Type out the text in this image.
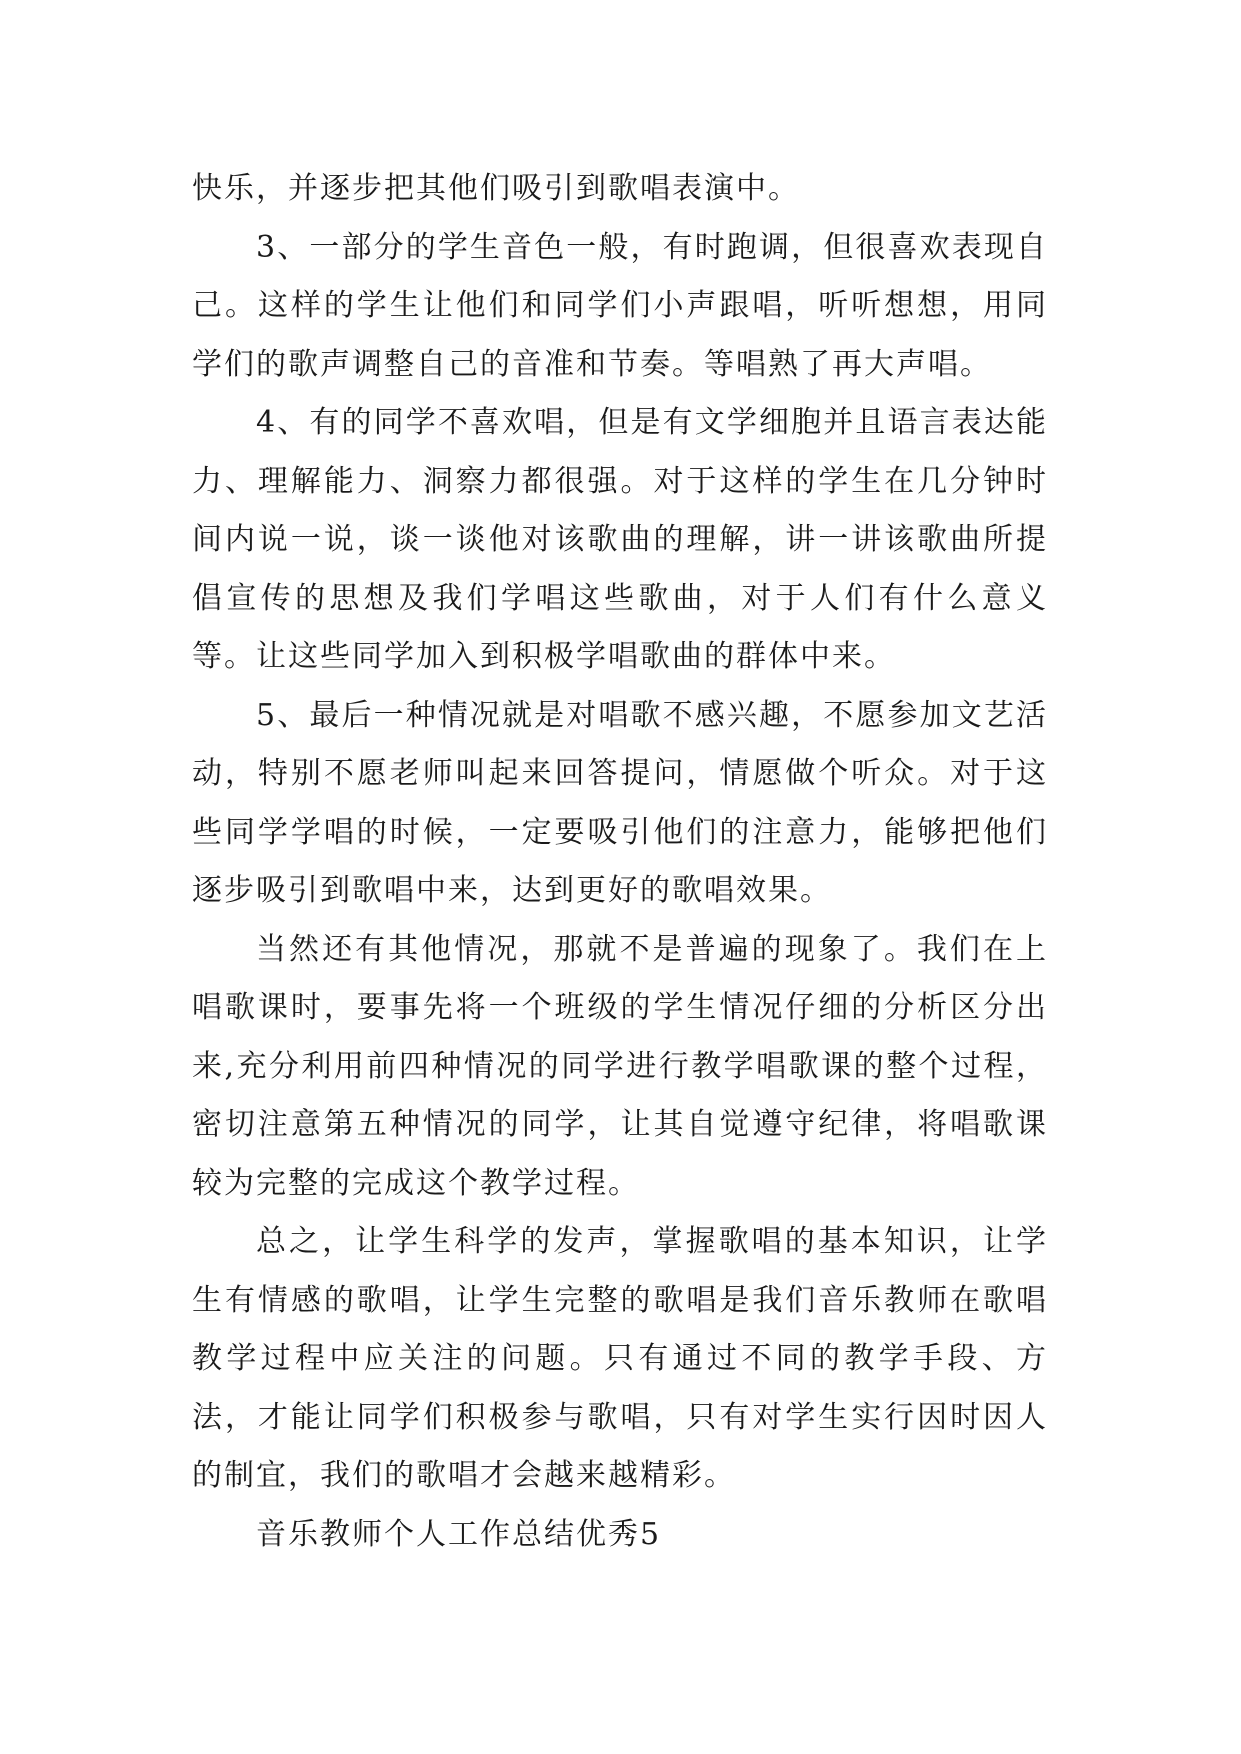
快乐，并逐步把其他们吸引到歌唱表演中。

3、一部分的学生音色一般，有时跑调，但很喜欢表现自己。这样的学生让他们和同学们小声跟唱，听听想想，用同学们的歌声调整自己的音准和节奏。等唱熟了再大声唱。

4、有的同学不喜欢唱，但是有文学细胞并且语言表达能力、理解能力、洞察力都很强。对于这样的学生在几分钟时间内说一说，谈一谈他对该歌曲的理解，讲一讲该歌曲所提倡宣传的思想及我们学唱这些歌曲，对于人们有什么意义等。让这些同学加入到积极学唱歌曲的群体中来。

5、最后一种情况就是对唱歌不感兴趣，不愿参加文艺活动，特别不愿老师叫起来回答提问，情愿做个听众。对于这些同学学唱的时候，一定要吸引他们的注意力，能够把他们逐步吸引到歌唱中来，达到更好的歌唱效果。

当然还有其他情况，那就不是普遍的现象了。我们在上唱歌课时，要事先将一个班级的学生情况仔细的分析区分出来,充分利用前四种情况的同学进行教学唱歌课的整个过程，密切注意第五种情况的同学，让其自觉遵守纪律，将唱歌课较为完整的完成这个教学过程。

总之，让学生科学的发声，掌握歌唱的基本知识，让学生有情感的歌唱，让学生完整的歌唱是我们音乐教师在歌唱教学过程中应关注的问题。只有通过不同的教学手段、方法，才能让同学们积极参与歌唱，只有对学生实行因时因人的制宜，我们的歌唱才会越来越精彩。

音乐教师个人工作总结优秀5
